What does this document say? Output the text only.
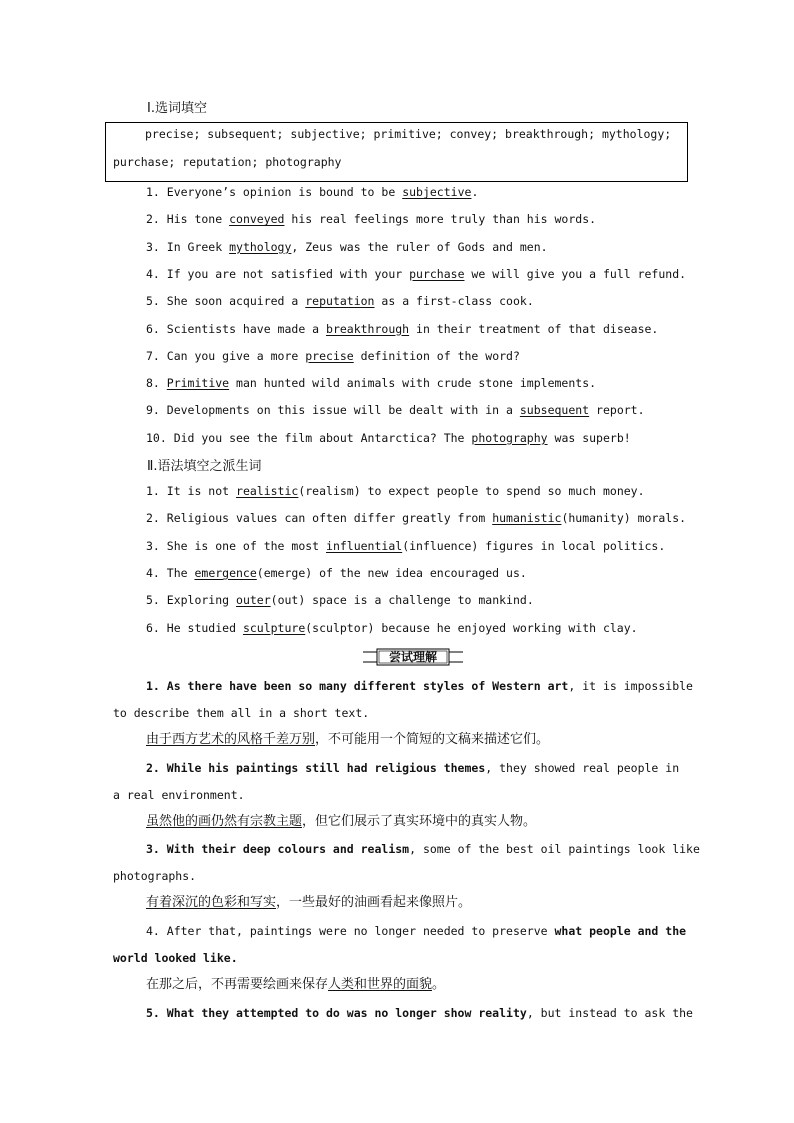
Ⅰ.选词填空
precise; subsequent; subjective; primitive; convey; breakthrough; mythology;
purchase; reputation; photography
1. Everyone’s opinion is bound to be subjective.
2. His tone conveyed his real feelings more truly than his words.
3. In Greek mythology, Zeus was the ruler of Gods and men.
4. If you are not satisfied with your purchase we will give you a full refund.
5. She soon acquired a reputation as a first-class cook.
6. Scientists have made a breakthrough in their treatment of that disease.
7. Can you give a more precise definition of the word?
8. Primitive man hunted wild animals with crude stone implements.
9. Developments on this issue will be dealt with in a subsequent report.
10. Did you see the film about Antarctica? The photography was superb!
Ⅱ.语法填空之派生词
1. It is not realistic(realism) to expect people to spend so much money.
2. Religious values can often differ greatly from humanistic(humanity) morals.
3. She is one of the most influential(influence) figures in local politics.
4. The emergence(emerge) of the new idea encouraged us.
5. Exploring outer(out) space is a challenge to mankind.
6. He studied sculpture(sculptor) because he enjoyed working with clay.
尝试理解
1. As there have been so many different styles of Western art, it is impossible
to describe them all in a short text.
由于西方艺术的风格千差万别，不可能用一个简短的文稿来描述它们。
2. While his paintings still had religious themes, they showed real people in
a real environment.
虽然他的画仍然有宗教主题，但它们展示了真实环境中的真实人物。
3. With their deep colours and realism, some of the best oil paintings look like
photographs.
有着深沉的色彩和写实，一些最好的油画看起来像照片。
4. After that, paintings were no longer needed to preserve what people and the
world looked like.
在那之后，不再需要绘画来保存人类和世界的面貌。
5. What they attempted to do was no longer show reality, but instead to ask the
